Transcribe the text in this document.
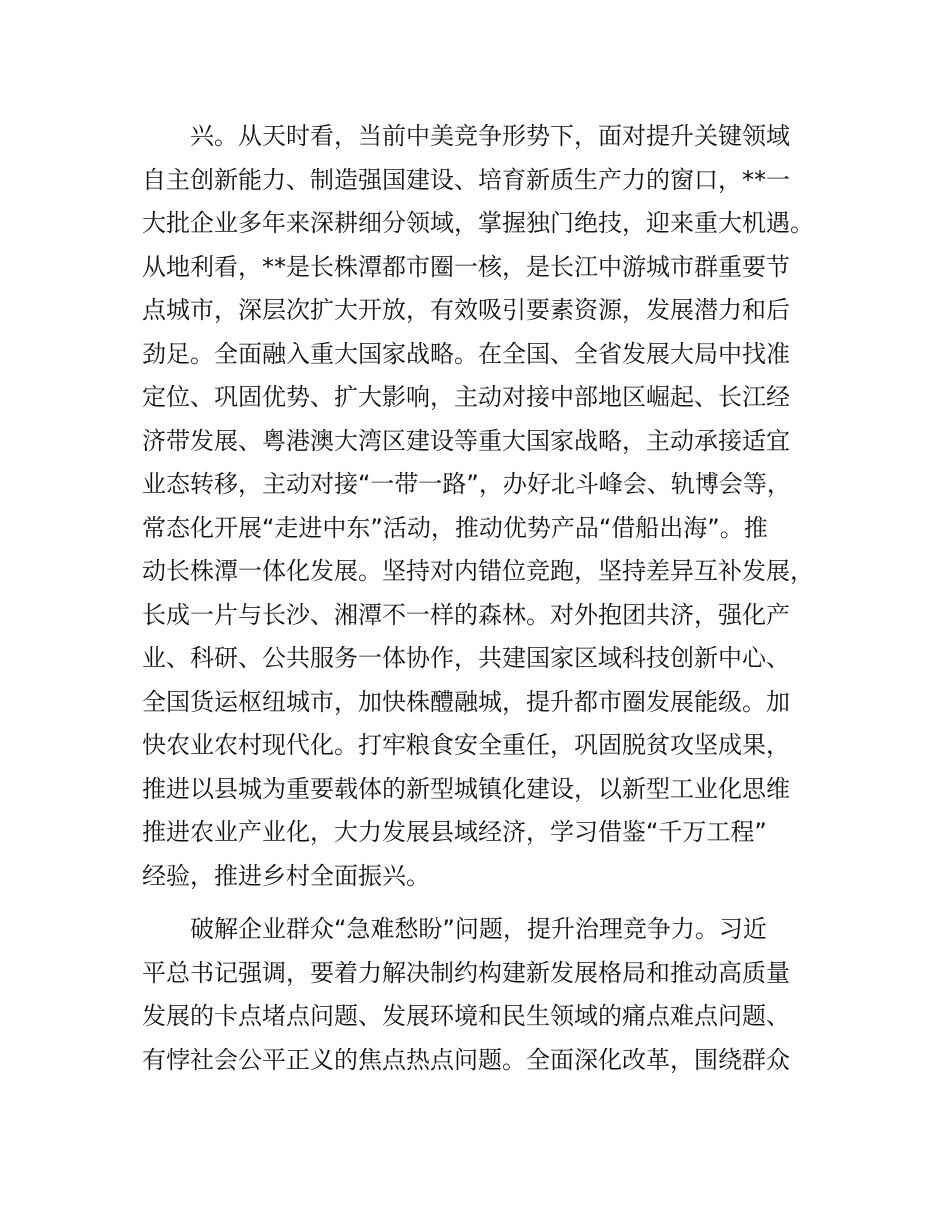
兴。从天时看，当前中美竞争形势下，面对提升关键领域
自主创新能力、制造强国建设、培育新质生产力的窗口，**一
大批企业多年来深耕细分领域，掌握独门绝技，迎来重大机遇。
从地利看，**是长株潭都市圈一核，是长江中游城市群重要节
点城市，深层次扩大开放，有效吸引要素资源，发展潜力和后
劲足。全面融入重大国家战略。在全国、全省发展大局中找准
定位、巩固优势、扩大影响，主动对接中部地区崛起、长江经
济带发展、粤港澳大湾区建设等重大国家战略，主动承接适宜
业态转移，主动对接“一带一路”，办好北斗峰会、轨博会等，
常态化开展“走进中东”活动，推动优势产品“借船出海”。推
动长株潭一体化发展。坚持对内错位竞跑，坚持差异互补发展，
长成一片与长沙、湘潭不一样的森林。对外抱团共济，强化产
业、科研、公共服务一体协作，共建国家区域科技创新中心、
全国货运枢纽城市，加快株醴融城，提升都市圈发展能级。加
快农业农村现代化。打牢粮食安全重任，巩固脱贫攻坚成果，
推进以县城为重要载体的新型城镇化建设，以新型工业化思维
推进农业产业化，大力发展县域经济，学习借鉴“千万工程”
经验，推进乡村全面振兴。
破解企业群众“急难愁盼”问题，提升治理竞争力。习近
平总书记强调，要着力解决制约构建新发展格局和推动高质量
发展的卡点堵点问题、发展环境和民生领域的痛点难点问题、
有悖社会公平正义的焦点热点问题。全面深化改革，围绕群众
